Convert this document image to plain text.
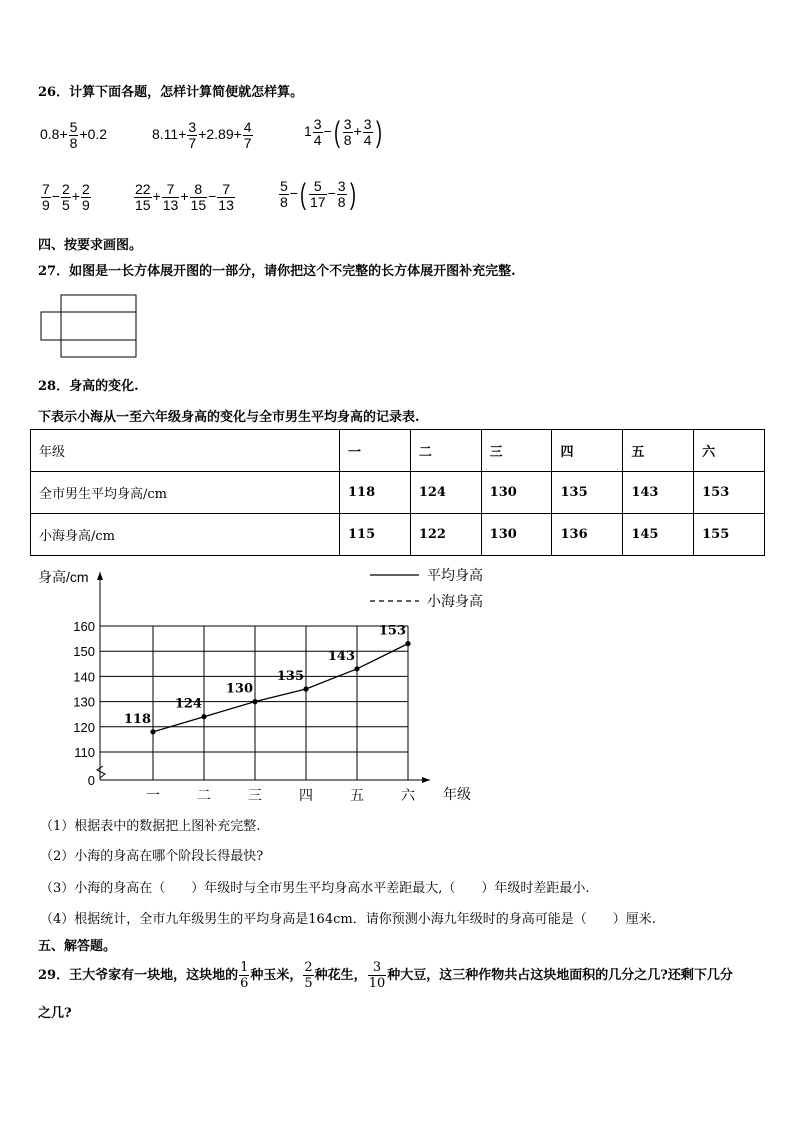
26．计算下面各题，怎样计算简便就怎样算。
$0.8+ \frac{5}{8} +0.2$	$8.11+ \frac{3}{7} +2.89+ \frac{4}{7}$	$1 \frac{3}{4}$ −( $\frac{3}{8} + \frac{3}{4}$ )
$\frac{7}{9} - \frac{2}{5} + \frac{2}{9}$	$\frac{22}{15} + \frac{7}{13} + \frac{8}{15} - \frac{7}{13}$	$\frac{5}{8}$ −( $\frac{5}{17} - \frac{3}{8}$ )
四、按要求画图。
27．如图是一长方体展开图的一部分，请你把这个不完整的长方体展开图补充完整.
28．身高的变化.
下表示小海从一至六年级身高的变化与全市男生平均身高的记录表.
年级	一	二	三	四	五	六
全市男生平均身高/cm	118	124	130	135	143	153
小海身高/cm	115	122	130	136	145	155
身高/cm	平均身高
小海身高
0
110
120
130
140
150
160
一	二	三	四	五	六
118
124
130
135
143
153
年级
（1）根据表中的数据把上图补充完整.
（2）小海的身高在哪个阶段长得最快?
（3）小海的身高在（　　）年级时与全市男生平均身高水平差距最大,（　　）年级时差距最小.
（4）根据统计，全市九年级男生的平均身高是164cm．请你预测小海九年级时的身高可能是（　　）厘米.
五、解答题。
29．王大爷家有一块地，这块地的 $\frac{1}{6}$ 种玉米， $\frac{2}{5}$ 种花生， $\frac{3}{10}$ 种大豆，这三种作物共占这块地面积的几分之几?还剩下几分
之几?
